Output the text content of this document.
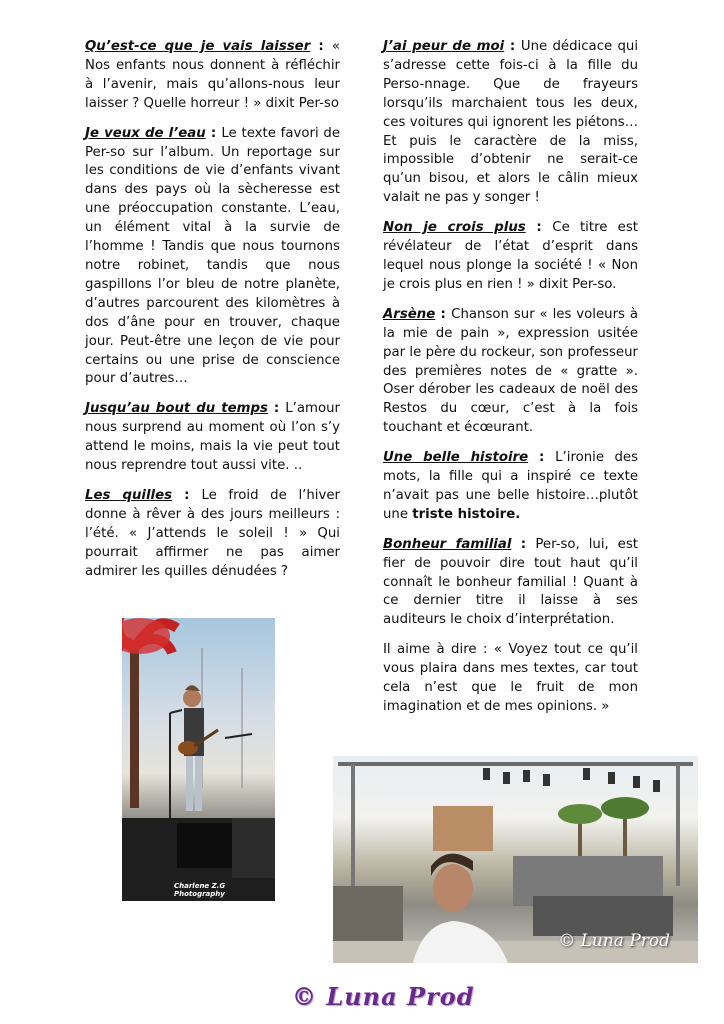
Qu’est-ce que je vais laisser : « Nos enfants nous donnent à réfléchir à l’avenir, mais qu’allons-nous leur laisser ? Quelle horreur ! » dixit Per-so

Je veux de l’eau : Le texte favori de Per-so sur l’album. Un reportage sur les conditions de vie d’enfants vivant dans des pays où la sècheresse est une préoccupation constante. L’eau, un élément vital à la survie de l’homme ! Tandis que nous tournons notre robinet, tandis que nous gaspillons l’or bleu de notre planète, d’autres parcourent des kilomètres à dos d’âne pour en trouver, chaque jour. Peut-être une leçon de vie pour certains ou une prise de conscience pour d’autres…

Jusqu’au bout du temps : L’amour nous surprend au moment où l’on s’y attend le moins, mais la vie peut tout nous reprendre tout aussi vite. ..

Les quilles : Le froid de l’hiver donne à rêver à des jours meilleurs : l’été. « J’attends le soleil ! » Qui pourrait affirmer ne pas aimer admirer les quilles dénudées ?

J’ai peur de moi : Une dédicace qui s’adresse cette fois-ci à la fille du Perso-nnage. Que de frayeurs lorsqu’ils marchaient tous les deux, ces voitures qui ignorent les piétons… Et puis le caractère de la miss, impossible d’obtenir ne serait-ce qu’un bisou, et alors le câlin mieux valait ne pas y songer !

Non je crois plus : Ce titre est révélateur de l’état d’esprit dans lequel nous plonge la société ! « Non je crois plus en rien ! » dixit Per-so.

Arsène : Chanson sur « les voleurs à la mie de pain », expression usitée par le père du rockeur, son professeur des premières notes de « gratte ». Oser dérober les cadeaux de noël des Restos du cœur, c’est à la fois touchant et écœurant.

Une belle histoire : L’ironie des mots, la fille qui a inspiré ce texte n’avait pas une belle histoire…plutôt une triste histoire.

Bonheur familial : Per-so, lui, est fier de pouvoir dire tout haut qu’il connaît le bonheur familial ! Quant à ce dernier titre il laisse à ses auditeurs le choix d’interprétation.

Il aime à dire : « Voyez tout ce qu’il vous plaira dans mes textes, car tout cela n’est que le fruit de mon imagination et de mes opinions. »

Charlene Z.G Photography
© Luna Prod
© Luna Prod
